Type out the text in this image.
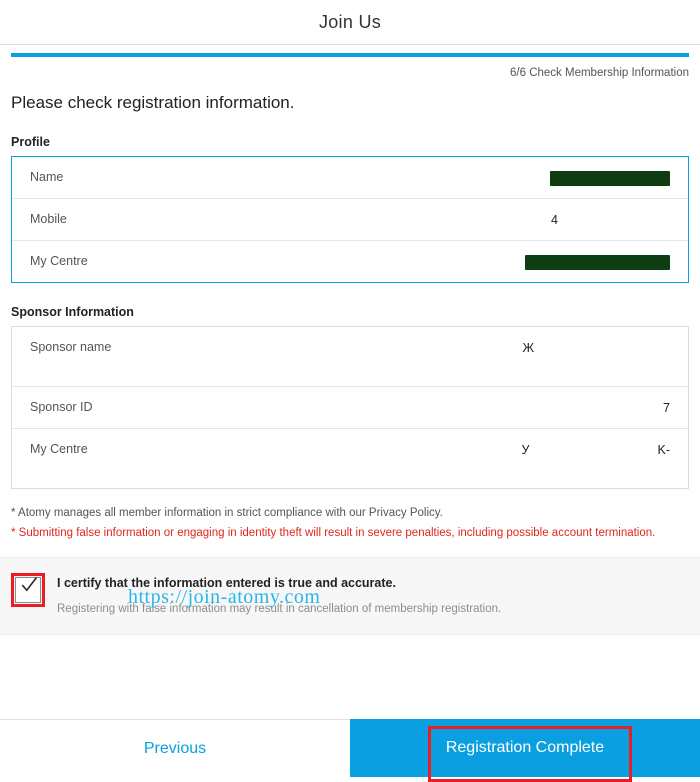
Join Us
6/6 Check Membership Information
Please check registration information.
Profile
Name
Mobile	4
My Centre
Sponsor Information
Sponsor name	Ж

Sponsor ID	7
My Centre	У	K-

* Atomy manages all member information in strict compliance with our Privacy Policy.
* Submitting false information or engaging in identity theft will result in severe penalties, including possible account termination.
I certify that the information entered is true and accurate.
Registering with false information may result in cancellation of membership registration.
https://join-atomy.com
Previous	Registration Complete
